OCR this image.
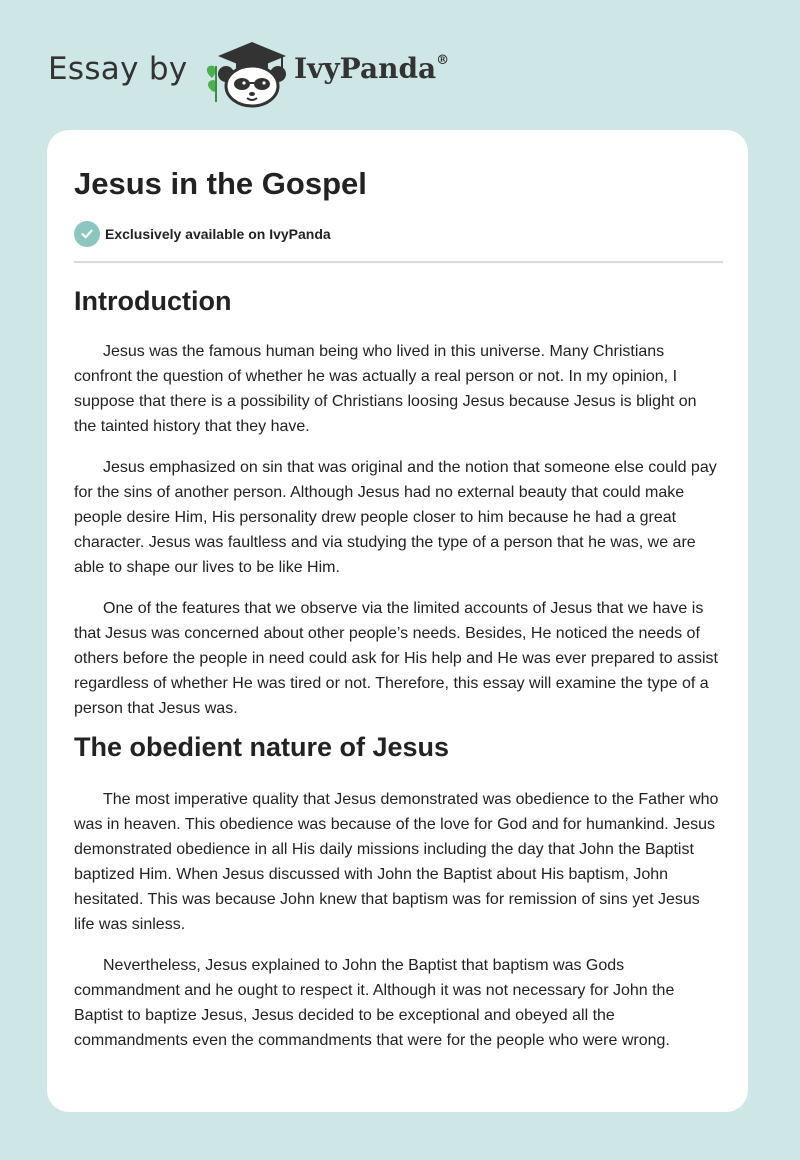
Essay by	IvyPanda®
Jesus in the Gospel
Exclusively available on IvyPanda
Introduction

Jesus was the famous human being who lived in this universe. Many Christians confront the question of whether he was actually a real person or not. In my opinion, I suppose that there is a possibility of Christians loosing Jesus because Jesus is blight on the tainted history that they have.

Jesus emphasized on sin that was original and the notion that someone else could pay for the sins of another person. Although Jesus had no external beauty that could make people desire Him, His personality drew people closer to him because he had a great character. Jesus was faultless and via studying the type of a person that he was, we are able to shape our lives to be like Him.

One of the features that we observe via the limited accounts of Jesus that we have is that Jesus was concerned about other people’s needs. Besides, He noticed the needs of others before the people in need could ask for His help and He was ever prepared to assist regardless of whether He was tired or not. Therefore, this essay will examine the type of a person that Jesus was.

The obedient nature of Jesus

The most imperative quality that Jesus demonstrated was obedience to the Father who was in heaven. This obedience was because of the love for God and for humankind. Jesus demonstrated obedience in all His daily missions including the day that John the Baptist baptized Him. When Jesus discussed with John the Baptist about His baptism, John hesitated. This was because John knew that baptism was for remission of sins yet Jesus life was sinless.

Nevertheless, Jesus explained to John the Baptist that baptism was Gods commandment and he ought to respect it. Although it was not necessary for John the Baptist to baptize Jesus, Jesus decided to be exceptional and obeyed all the commandments even the commandments that were for the people who were wrong.
